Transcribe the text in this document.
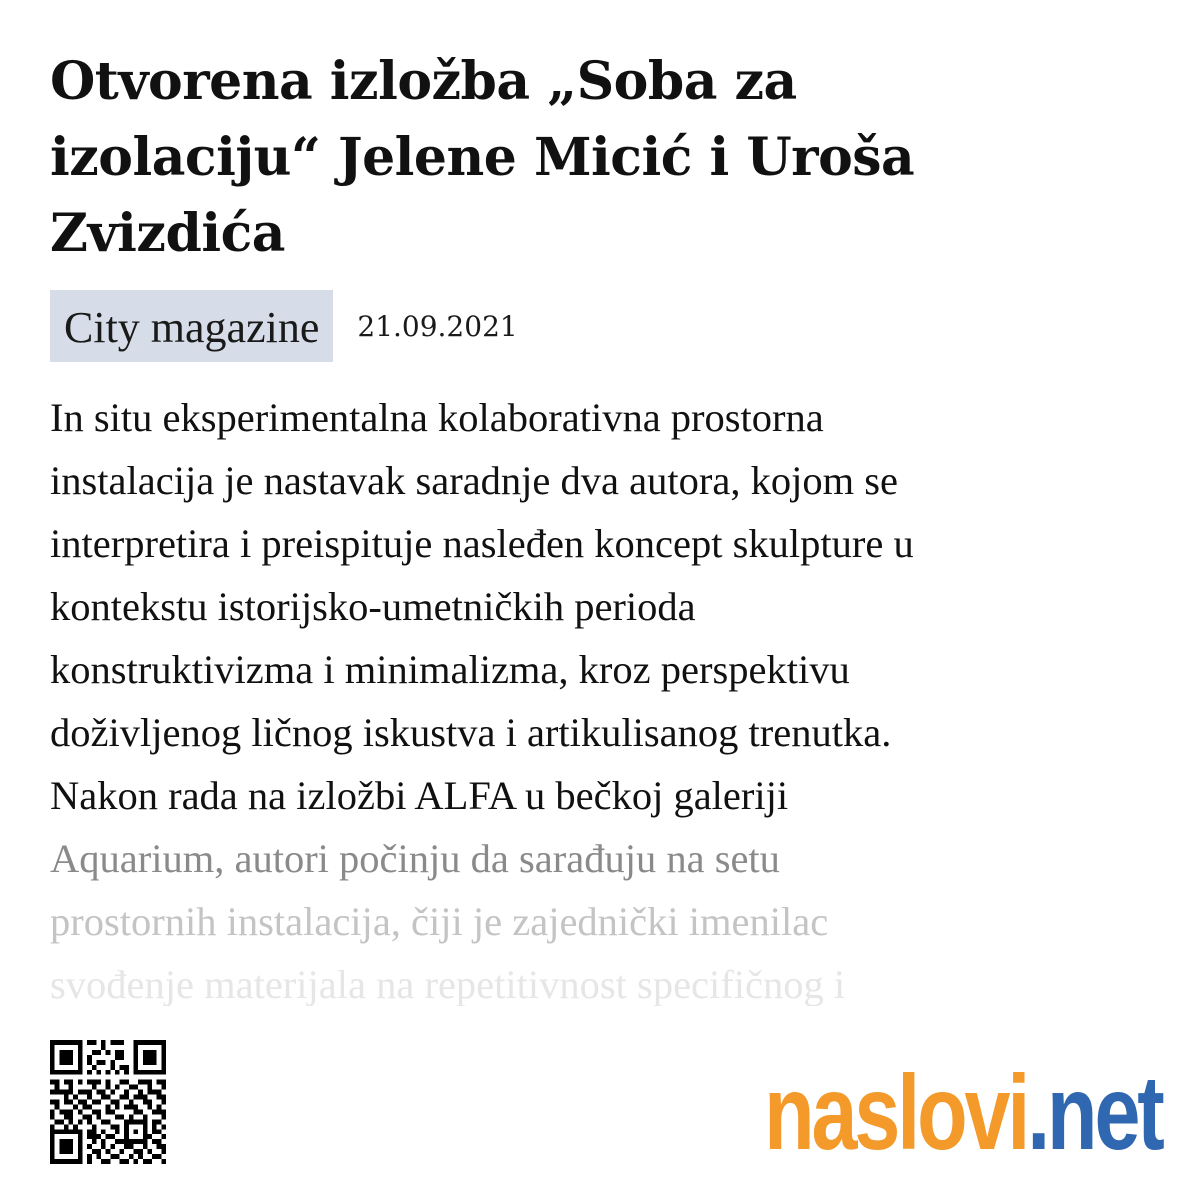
Otvorena izložba „Soba za
izolaciju“ Jelene Micić i Uroša
Zvizdića
City magazine	21.09.2021
In situ eksperimentalna kolaborativna prostorna
instalacija je nastavak saradnje dva autora, kojom se
interpretira i preispituje nasleđen koncept skulpture u
kontekstu istorijsko-umetničkih perioda
konstruktivizma i minimalizma, kroz perspektivu
doživljenog ličnog iskustva i artikulisanog trenutka.
Nakon rada na izložbi ALFA u bečkoj galeriji
Aquarium, autori počinju da sarađuju na setu
prostornih instalacija, čiji je zajednički imenilac
svođenje materijala na repetitivnost specifičnog i
naslovi.net
